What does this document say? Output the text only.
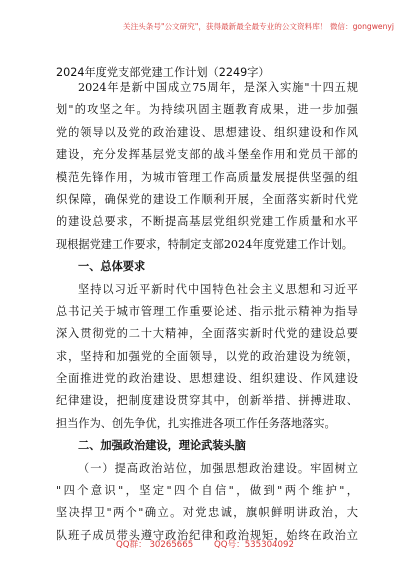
关注头条号"公文研究"，获得最新最全最专业的公文资料库！ 微信：gongwenyj
2024年度党支部党建工作计划（2249字）
2024年是新中国成立75周年，是深入实施"十四五规
划"的攻坚之年。为持续巩固主题教育成果，进一步加强
党的领导以及党的政治建设、思想建设、组织建设和作风
建设，充分发挥基层党支部的战斗堡垒作用和党员干部的
模范先锋作用，为城市管理工作高质量发展提供坚强的组
织保障，确保党的建设工作顺利开展，全面落实新时代党
的建设总要求，不断提高基层党组织党建工作质量和水平
现根据党建工作要求，特制定支部2024年度党建工作计划。
一、总体要求
坚持以习近平新时代中国特色社会主义思想和习近平
总书记关于城市管理工作重要论述、指示批示精神为指导
深入贯彻党的二十大精神，全面落实新时代党的建设总要
求，坚持和加强党的全面领导，以党的政治建设为统领，
全面推进党的政治建设、思想建设、组织建设、作风建设
纪律建设，把制度建设贯穿其中，创新举措、拼搏进取、
担当作为、创先争优，扎实推进各项工作任务落地落实。
二、加强政治建设，理论武装头脑
（一）提高政治站位，加强思想政治建设。牢固树立
"四个意识"，坚定"四个自信"，做到"两个维护"，
坚决捍卫"两个"确立。对党忠诚，旗帜鲜明讲政治，大
队班子成员带头遵守政治纪律和政治规矩，始终在政治立
QQ群： 30265665 QQ号：535304092
